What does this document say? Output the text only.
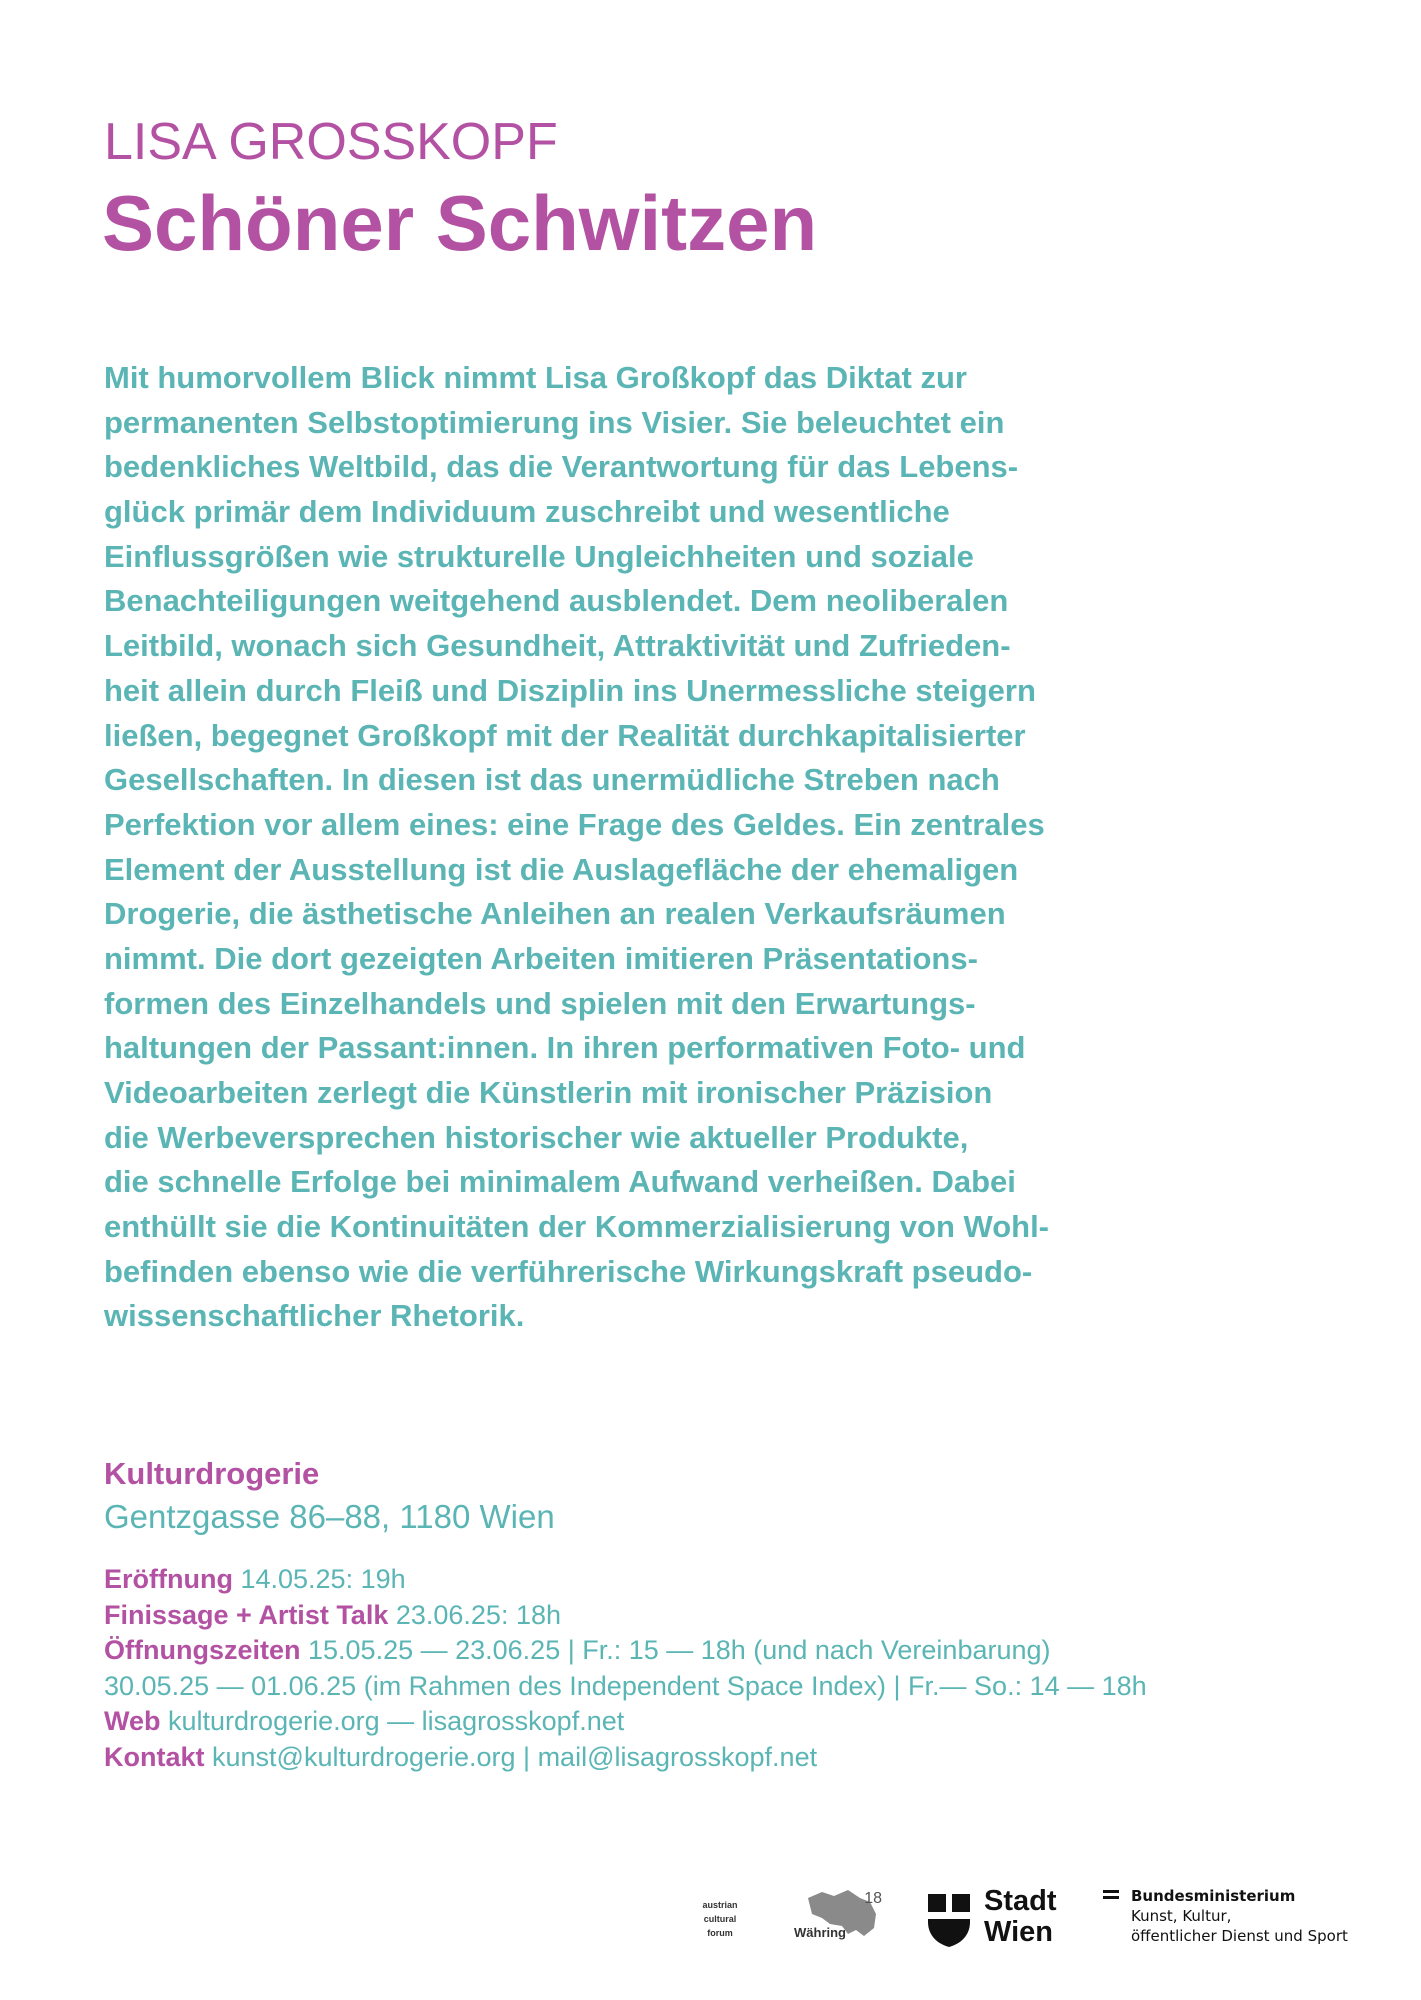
LISA GROSSKOPF
Schöner Schwitzen
Mit humorvollem Blick nimmt Lisa Großkopf das Diktat zur
permanenten Selbstoptimierung ins Visier. Sie beleuchtet ein
bedenkliches Weltbild, das die Verantwortung für das Lebens-
glück primär dem Individuum zuschreibt und wesentliche
Einflussgrößen wie strukturelle Ungleichheiten und soziale
Benachteiligungen weitgehend ausblendet. Dem neoliberalen
Leitbild, wonach sich Gesundheit, Attraktivität und Zufrieden-
heit allein durch Fleiß und Disziplin ins Unermessliche steigern
ließen, begegnet Großkopf mit der Realität durchkapitalisierter
Gesellschaften. In diesen ist das unermüdliche Streben nach
Perfektion vor allem eines: eine Frage des Geldes. Ein zentrales
Element der Ausstellung ist die Auslagefläche der ehemaligen
Drogerie, die ästhetische Anleihen an realen Verkaufsräumen
nimmt. Die dort gezeigten Arbeiten imitieren Präsentations-
formen des Einzelhandels und spielen mit den Erwartungs-
haltungen der Passant:innen. In ihren performativen Foto- und
Videoarbeiten zerlegt die Künstlerin mit ironischer Präzision
die Werbeversprechen historischer wie aktueller Produkte,
die schnelle Erfolge bei minimalem Aufwand verheißen. Dabei
enthüllt sie die Kontinuitäten der Kommerzialisierung von Wohl-
befinden ebenso wie die verführerische Wirkungskraft pseudo-
wissenschaftlicher Rhetorik.
Kulturdrogerie
Gentzgasse 86–88, 1180 Wien
Eröffnung 14.05.25: 19h
Finissage + Artist Talk 23.06.25: 18h
Öffnungszeiten 15.05.25 — 23.06.25 | Fr.: 15 — 18h (und nach Vereinbarung)
30.05.25 — 01.06.25 (im Rahmen des Independent Space Index) | Fr.— So.: 14 — 18h
Web kulturdrogerie.org — lisagrosskopf.net
Kontakt kunst@kulturdrogerie.org | mail@lisagrosskopf.net
austrian
cultural
forum
18
Währing
Stadt
Wien
Bundesministerium
Kunst, Kultur,
öffentlicher Dienst und Sport
